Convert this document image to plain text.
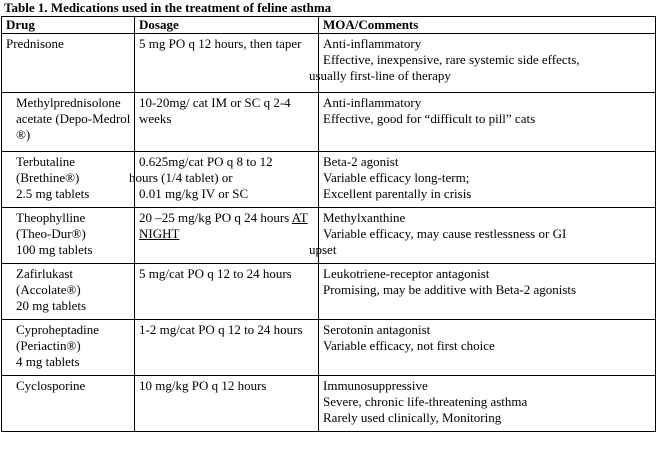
Table 1. Medications used in the treatment of feline asthma
Drug	Dosage	MOA/Comments
Prednisone	5 mg PO q 12 hours, then taper	Anti-inflammatory
Effective, inexpensive, rare systemic side effects,
usually first-line of therapy

Methylprednisolone acetate (Depo-Medrol ®)	10-20mg/ cat IM or SC q 2-4 weeks	Anti-inflammatory
Effective, good for “difficult to pill” cats

Terbutaline
(Brethine®)
2.5 mg tablets	0.625mg/cat PO q 8 to 12
hours (1/4 tablet) or
0.01 mg/kg IV or SC	Beta-2 agonist
Variable efficacy long-term;
Excellent parentally in crisis

Theophylline
(Theo-Dur®)
100 mg tablets	20 –25 mg/kg PO q 24 hours AT NIGHT	Methylxanthine
Variable efficacy, may cause restlessness or GI
upset

Zafirlukast
(Accolate®)
20 mg tablets	5 mg/cat PO q 12 to 24 hours	Leukotriene-receptor antagonist
Promising, may be additive with Beta-2 agonists

Cyproheptadine
(Periactin®)
4 mg tablets	1-2 mg/cat PO q 12 to 24 hours	Serotonin antagonist
Variable efficacy, not first choice

Cyclosporine	10 mg/kg PO q 12 hours	Immunosuppressive
Severe, chronic life-threatening asthma
Rarely used clinically, Monitoring
